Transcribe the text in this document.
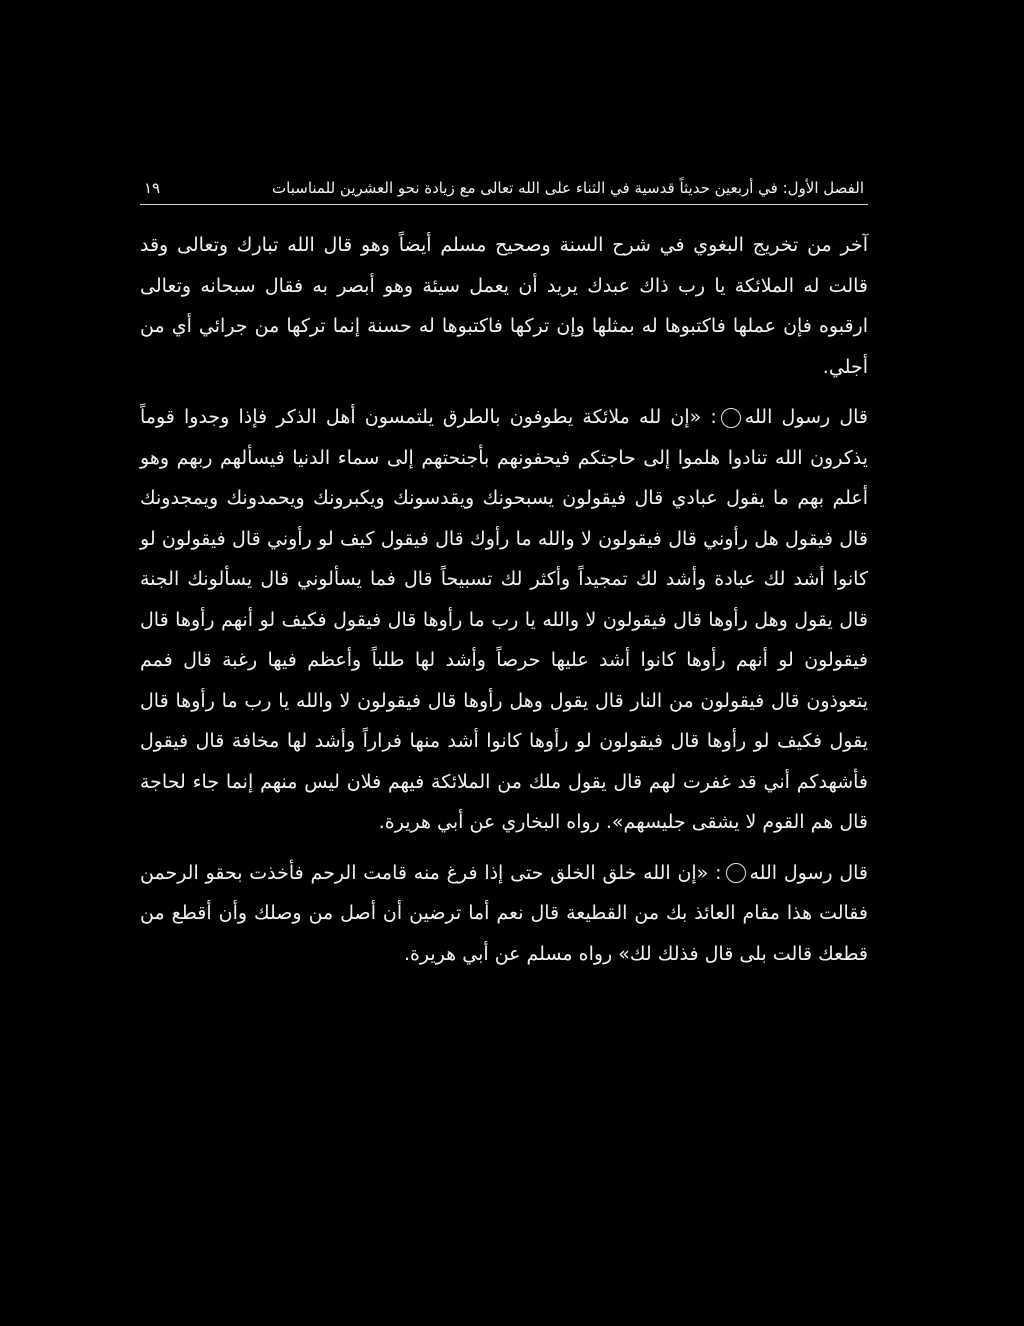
الفصل الأول: في أربعين حديثاً قدسية في الثناء على الله تعالى مع زيادة نحو العشرين للمناسبات
١٩

آخر من تخريج البغوي في شرح السنة وصحيح مسلم أيضاً وهو قال الله تبارك وتعالى وقد قالت له الملائكة يا رب ذاك عبدك يريد أن يعمل سيئة وهو أبصر به فقال سبحانه وتعالى ارقبوه فإن عملها فاكتبوها له بمثلها وإن تركها فاكتبوها له حسنة إنما تركها من جرائي أي من أجلي.

قال رسول الله: «إن لله ملائكة يطوفون بالطرق يلتمسون أهل الذكر فإذا وجدوا قوماً يذكرون الله تنادوا هلموا إلى حاجتكم فيحفونهم بأجنحتهم إلى سماء الدنيا فيسألهم ربهم وهو أعلم بهم ما يقول عبادي قال فيقولون يسبحونك ويقدسونك ويكبرونك ويحمدونك ويمجدونك قال فيقول هل رأوني قال فيقولون لا والله ما رأوك قال فيقول كيف لو رأوني قال فيقولون لو كانوا أشد لك عبادة وأشد لك تمجيداً وأكثر لك تسبيحاً قال فما يسألوني قال يسألونك الجنة قال يقول وهل رأوها قال فيقولون لا والله يا رب ما رأوها قال فيقول فكيف لو أنهم رأوها قال فيقولون لو أنهم رأوها كانوا أشد عليها حرصاً وأشد لها طلباً وأعظم فيها رغبة قال فمم يتعوذون قال فيقولون من النار قال يقول وهل رأوها قال فيقولون لا والله يا رب ما رأوها قال يقول فكيف لو رأوها قال فيقولون لو رأوها كانوا أشد منها فراراً وأشد لها مخافة قال فيقول فأشهدكم أني قد غفرت لهم قال يقول ملك من الملائكة فيهم فلان ليس منهم إنما جاء لحاجة قال هم القوم لا يشقى جليسهم». رواه البخاري عن أبي هريرة.

قال رسول الله: «إن الله خلق الخلق حتى إذا فرغ منه قامت الرحم فأخذت بحقو الرحمن فقالت هذا مقام العائذ بك من القطيعة قال نعم أما ترضين أن أصل من وصلك وأن أقطع من قطعك قالت بلى قال فذلك لك» رواه مسلم عن أبي هريرة.
